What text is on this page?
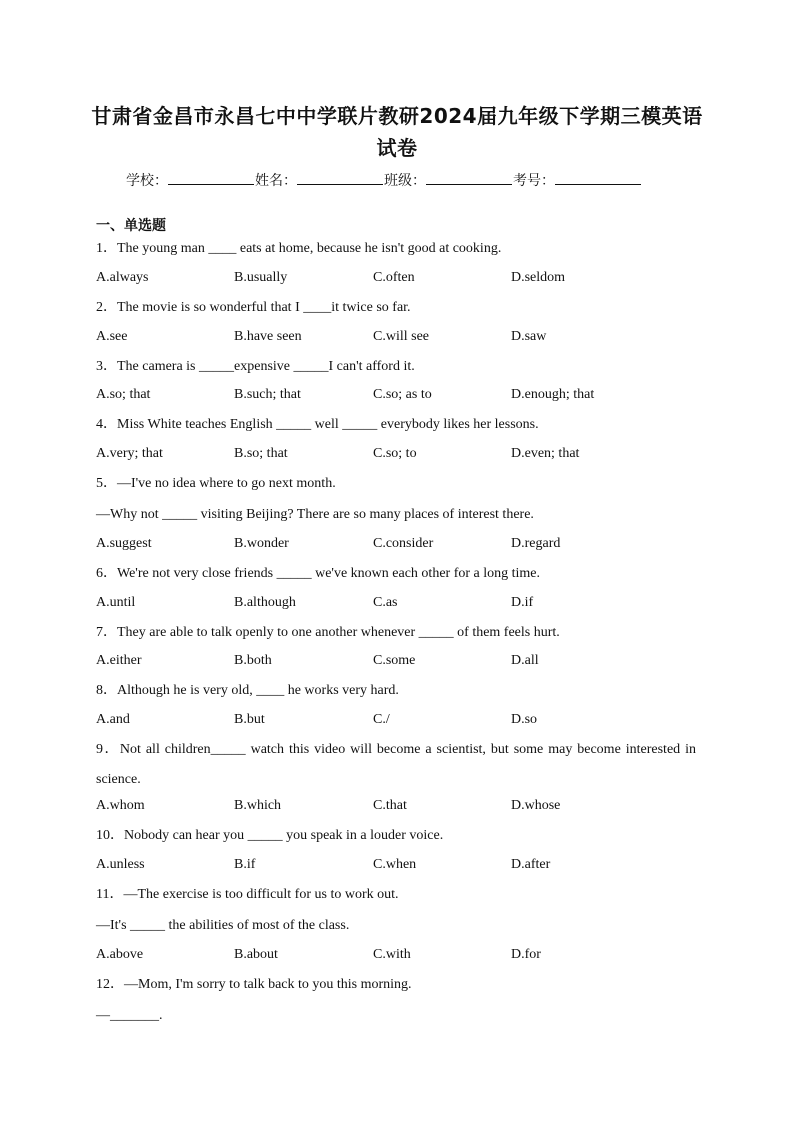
甘肃省金昌市永昌七中中学联片教研2024届九年级下学期三模英语试卷
学校：	姓名：	班级：	考号：
一、单选题
1．The young man ____ eats at home, because he isn't good at cooking.
A.always	B.usually	C.often	D.seldom
2．The movie is so wonderful that I ____it twice so far.
A.see	B.have seen	C.will see	D.saw
3．The camera is _____expensive _____I can't afford it.
A.so; that	B.such; that	C.so; as to	D.enough; that
4．Miss White teaches English _____ well _____ everybody likes her lessons.
A.very; that	B.so; that	C.so; to	D.even; that
5．—I've no idea where to go next month.
—Why not _____ visiting Beijing? There are so many places of interest there.
A.suggest	B.wonder	C.consider	D.regard
6．We're not very close friends _____ we've known each other for a long time.
A.until	B.although	C.as	D.if
7．They are able to talk openly to one another whenever _____ of them feels hurt.
A.either	B.both	C.some	D.all
8．Although he is very old, ____ he works very hard.
A.and	B.but	C./	D.so
9．Not all children_____ watch this video will become a scientist, but some may become interested in science.
A.whom	B.which	C.that	D.whose
10．Nobody can hear you _____ you speak in a louder voice.
A.unless	B.if	C.when	D.after
11．—The exercise is too difficult for us to work out.
—It's _____ the abilities of most of the class.
A.above	B.about	C.with	D.for
12．—Mom, I'm sorry to talk back to you this morning.
—_______.
